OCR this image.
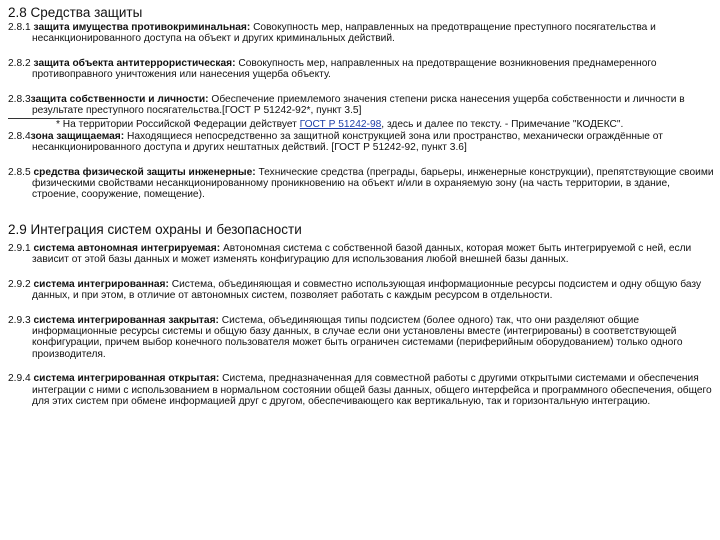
2.8 Средства защиты

2.8.1 защита имущества противокриминальная: Совокупность мер, направленных на предотвращение преступного посягательства и несанкционированного доступа на объект и других криминальных действий.

2.8.2 защита объекта антитеррористическая: Совокупность мер, направленных на предотвращение возникновения преднамеренного противоправного уничтожения или нанесения ущерба объекту.

2.8.3защита собственности и личности: Обеспечение приемлемого значения степени риска нанесения ущерба собственности и личности в результате преступного посягательства.[ГОСТ Р 51242-92*, пункт 3.5]

* На территории Российской Федерации действует ГОСТ Р 51242-98, здесь и далее по тексту. - Примечание "КОДЕКС".

2.8.4зона защищаемая: Находящиеся непосредственно за защитной конструкцией зона или пространство, механически ограждённые от несанкционированного доступа и других нештатных действий. [ГОСТ Р 51242-92, пункт 3.6]

2.8.5 средства физической защиты инженерные: Технические средства (преграды, барьеры, инженерные конструкции), препятствующие своими физическими свойствами несанкционированному проникновению на объект и/или в охраняемую зону (на часть территории, в здание, строение, сооружение, помещение).

2.9 Интеграция систем охраны и безопасности

2.9.1 система автономная интегрируемая: Автономная система с собственной базой данных, которая может быть интегрируемой с ней, если зависит от этой базы данных и может изменять конфигурацию для использования любой внешней базы данных.

2.9.2 система интегрированная: Система, объединяющая и совместно использующая информационные ресурсы подсистем и одну общую базу данных, и при этом, в отличие от автономных систем, позволяет работать с каждым ресурсом в отдельности.

2.9.3 система интегрированная закрытая: Система, объединяющая типы подсистем (более одного) так, что они разделяют общие информационные ресурсы системы и общую базу данных, в случае если они установлены вместе (интегрированы) в соответствующей конфигурации, причем выбор конечного пользователя может быть ограничен системами (периферийным оборудованием) только одного производителя.

2.9.4 система интегрированная открытая: Система, предназначенная для совместной работы с другими открытыми системами и обеспечения интеграции с ними с использованием в нормальном состоянии общей базы данных, общего интерфейса и программного обеспечения, общего для этих систем при обмене информацией друг с другом, обеспечивающего как вертикальную, так и горизонтальную интеграцию.
